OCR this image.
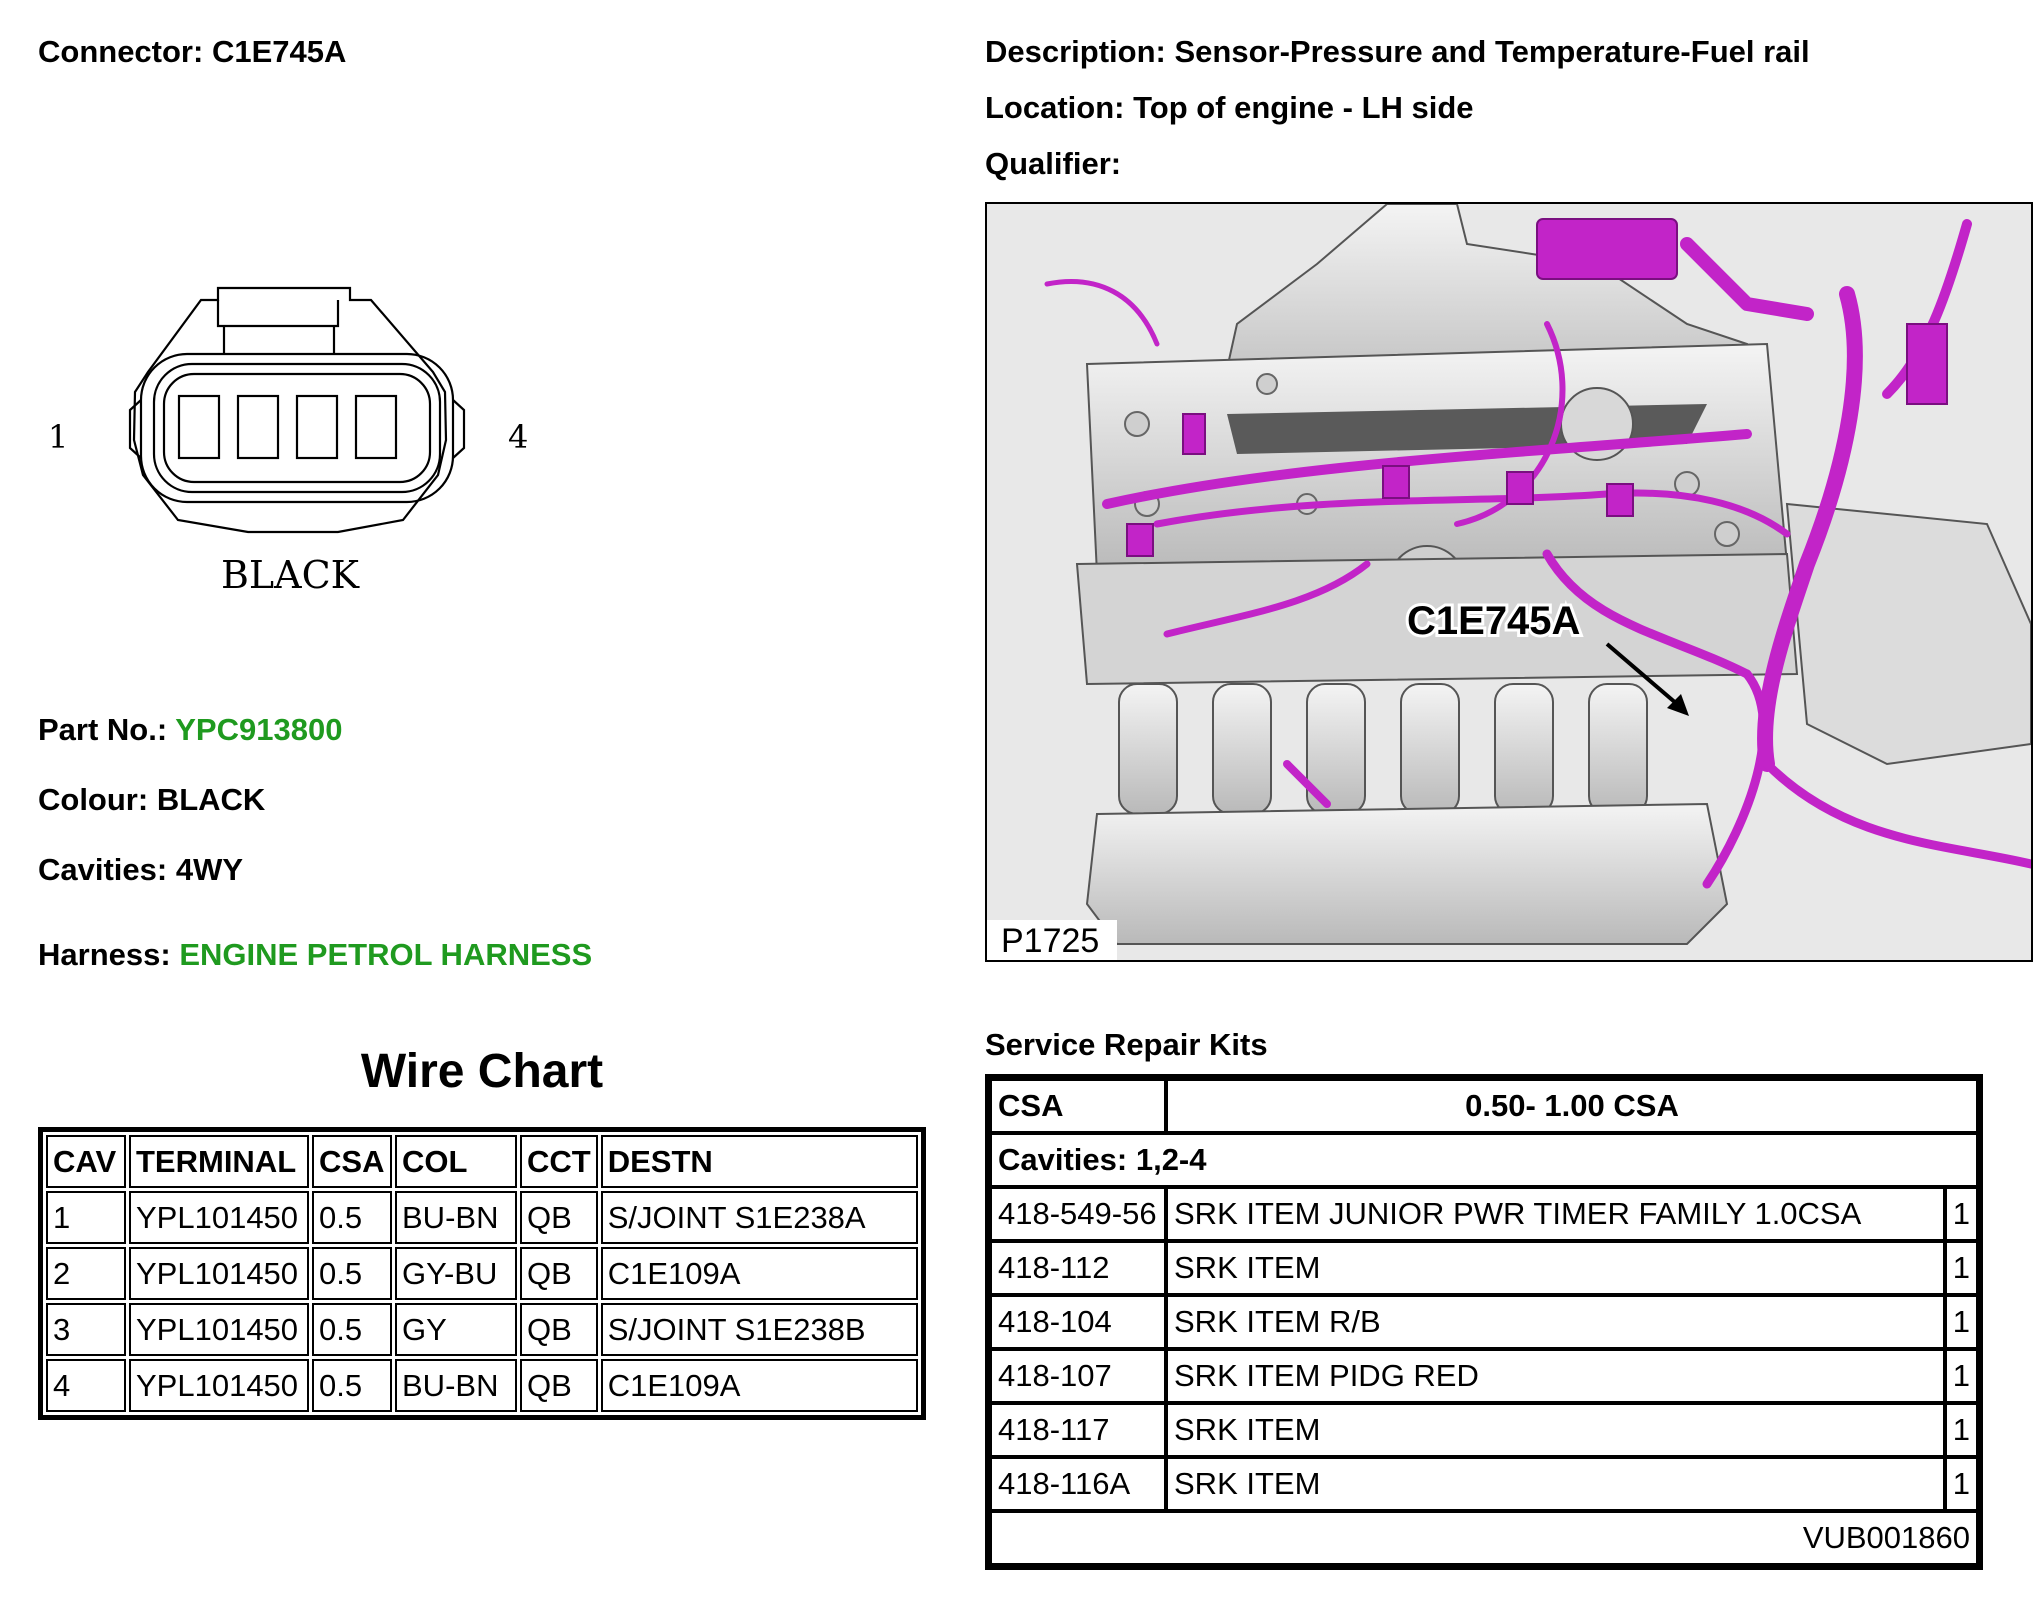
Connector: C1E745A	Description: Sensor-Pressure and Temperature-Fuel rail
Location: Top of engine - LH side
Qualifier:
1	4
BLACK
Part No.: YPC913800
Colour: BLACK
Cavities: 4WY
Harness: ENGINE PETROL HARNESS
C1E745A
P1725
Wire Chart
CAV	TERMINAL	CSA	COL	CCT	DESTN
1	YPL101450	0.5	BU-BN	QB	S/JOINT S1E238A
2	YPL101450	0.5	GY-BU	QB	C1E109A
3	YPL101450	0.5	GY	QB	S/JOINT S1E238B
4	YPL101450	0.5	BU-BN	QB	C1E109A
Service Repair Kits
CSA	0.50- 1.00 CSA	
Cavities: 1,2-4		
418-549-56	SRK ITEM JUNIOR PWR TIMER FAMILY 1.0CSA	1
418-112	SRK ITEM	1
418-104	SRK ITEM R/B	1
418-107	SRK ITEM PIDG RED	1
418-117	SRK ITEM	1
418-116A	SRK ITEM	1
VUB001860		
